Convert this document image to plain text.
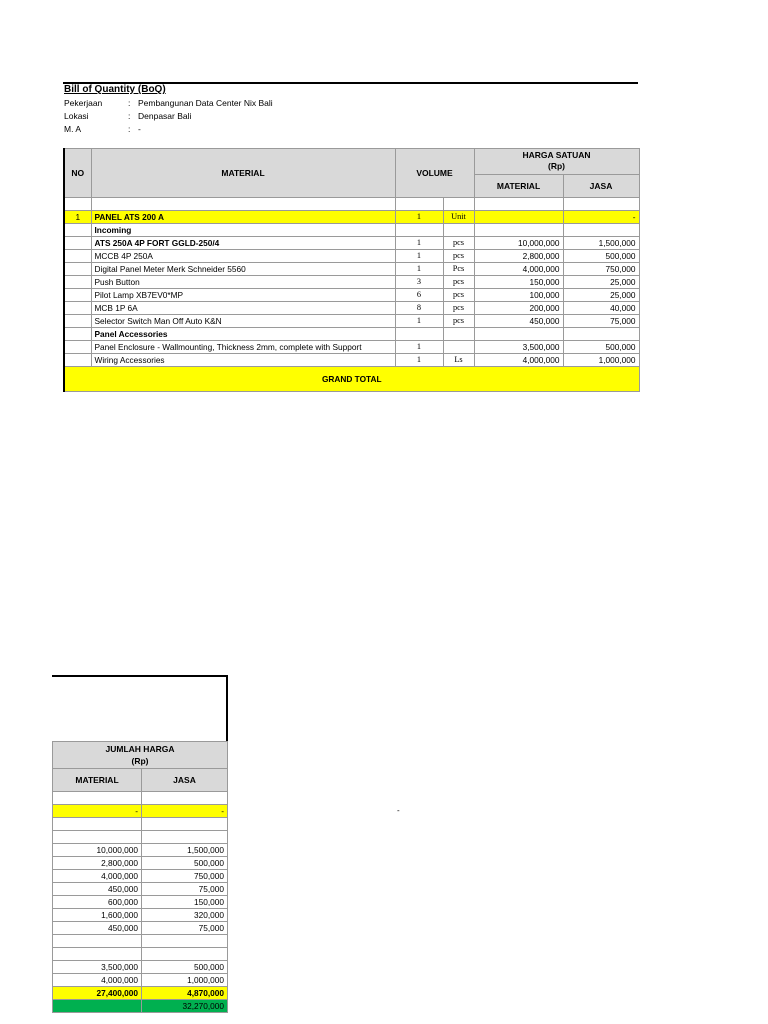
Bill of Quantity (BoQ)
Pekerjaan	: Pembangunan Data Center Nix Bali
Lokasi	: Denpasar Bali
M. A	: -
NO	MATERIAL	VOLUME		HARGA SATUAN
(Rp)	

				MATERIAL	JASA

1	PANEL ATS 200 A	1	Unit		-
	Incoming				
	ATS 250A 4P FORT GGLD-250/4	1	pcs	10,000,000	1,500,000
	MCCB 4P 250A	1	pcs	2,800,000	500,000
	Digital Panel Meter Merk Schneider 5560	1	Pcs	4,000,000	750,000
	Push Button	3	pcs	150,000	25,000
	Pilot Lamp XB7EV0*MP	6	pcs	100,000	25,000
	MCB 1P 6A	8	pcs	200,000	40,000
	Selector Switch Man Off Auto K&N	1	pcs	450,000	75,000
	Panel Accessories				
	Panel Enclosure - Wallmounting, Thickness 2mm, complete with Support	1		3,500,000	500,000
	Wiring Accessories	1	Ls	4,000,000	1,000,000
GRAND TOTAL					
JUMLAH HARGA
(Rp)	

MATERIAL	JASA

-	-

10,000,000	1,500,000
2,800,000	500,000
4,000,000	750,000
450,000	75,000
600,000	150,000
1,600,000	320,000
450,000	75,000

3,500,000	500,000
4,000,000	1,000,000
27,400,000	4,870,000
	32,270,000
-
